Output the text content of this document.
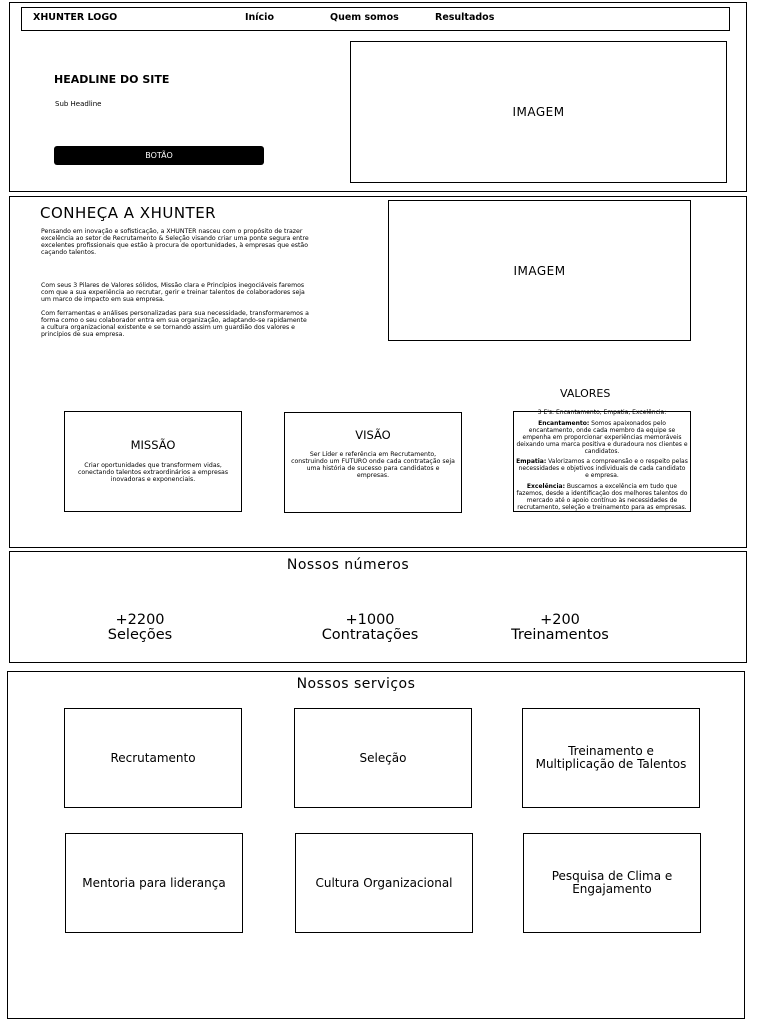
XHUNTER LOGO	Início	Quem somos	Resultados
HEADLINE DO SITE
Sub Headline
BOTÃO
IMAGEM
CONHEÇA A XHUNTER
Pensando em inovação e sofisticação, a XHUNTER nasceu com o propósito de trazer excelência ao setor de Recrutamento & Seleção visando criar uma ponte segura entre excelentes profissionais que estão à procura de oportunidades, à empresas que estão caçando talentos.
Com seus 3 Pilares de Valores sólidos, Missão clara e Princípios inegociáveis faremos com que a sua experiência ao recrutar, gerir e treinar talentos de colaboradores seja um marco de impacto em sua empresa.
Com ferramentas e análises personalizadas para sua necessidade, transformaremos a forma como o seu colaborador entra em sua organização, adaptando-se rapidamente a cultura organizacional existente e se tornando assim um guardião dos valores e princípios de sua empresa.
IMAGEM
MISSÃO
Criar oportunidades que transformem vidas, conectando talentos extraordinários a empresas inovadoras e exponenciais.
VISÃO
Ser Líder e referência em Recrutamento, construindo um FUTURO onde cada contratação seja uma história de sucesso para candidatos e empresas.
VALORES

3 E's: Encantamento, Empatia, Excelência:

Encantamento: Somos apaixonados pelo encantamento, onde cada membro da equipe se empenha em proporcionar experiências memoráveis deixando uma marca positiva e duradoura nos clientes e candidatos.

Empatia: Valorizamos a compreensão e o respeito pelas necessidades e objetivos individuais de cada candidato e empresa.

Excelência: Buscamos a excelência em tudo que fazemos, desde a identificação dos melhores talentos do mercado até o apoio contínuo às necessidades de recrutamento, seleção e treinamento para as empresas.

Nossos números
+2200
Seleções
+1000
Contratações
+200
Treinamentos
Nossos serviços
Recrutamento	Seleção	Treinamento e Multiplicação de Talentos
Mentoria para liderança	Cultura Organizacional	Pesquisa de Clima e Engajamento
